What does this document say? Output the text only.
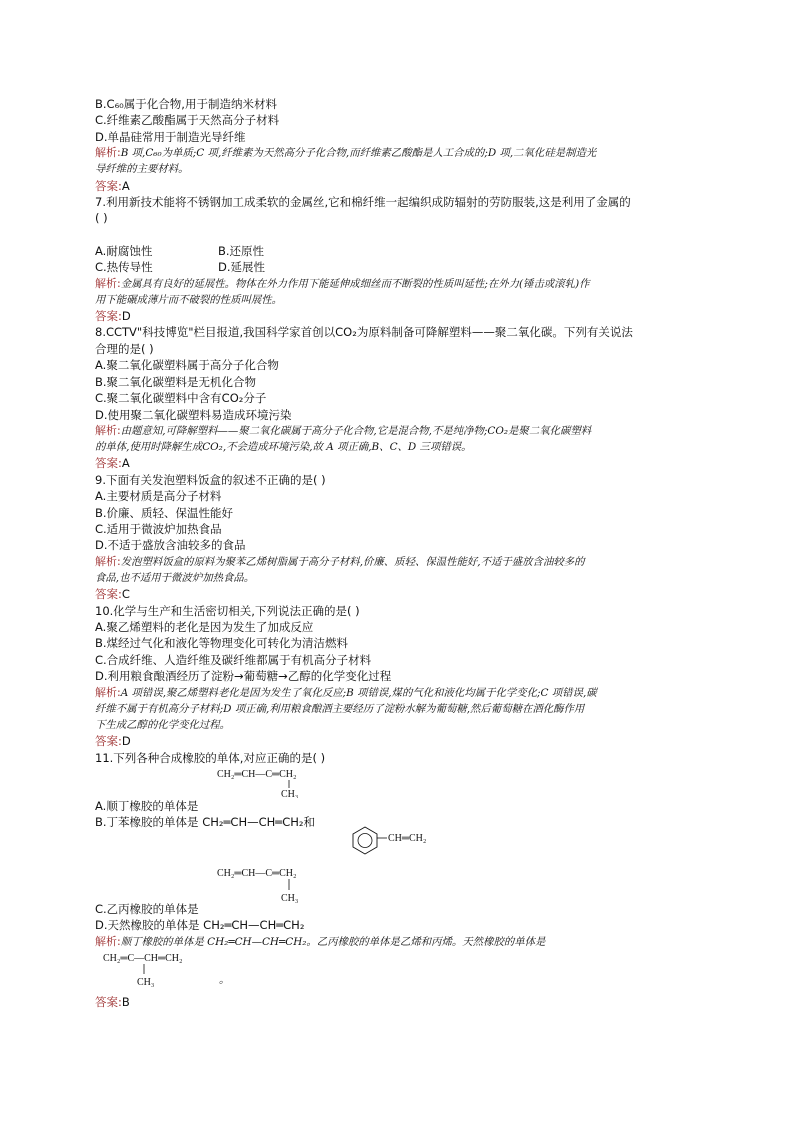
B.C₆₀属于化合物,用于制造纳米材料
C.纤维素乙酸酯属于天然高分子材料
D.单晶硅常用于制造光导纤维
解析:B 项,C₆₀为单质;C 项,纤维素为天然高分子化合物,而纤维素乙酸酯是人工合成的;D 项,二氧化硅是制造光
导纤维的主要材料。
答案:A
7.利用新技术能将不锈钢加工成柔软的金属丝,它和棉纤维一起编织成防辐射的劳防服装,这是利用了金属的
( )
A.耐腐蚀性	B.还原性
C.热传导性	D.延展性
解析:金属具有良好的延展性。物体在外力作用下能延伸成细丝而不断裂的性质叫延性;在外力(锤击或滚轧)作
用下能碾成薄片而不破裂的性质叫展性。
答案:D
8.CCTV"科技博览"栏目报道,我国科学家首创以CO₂为原料制备可降解塑料——聚二氧化碳。下列有关说法
合理的是( )
A.聚二氧化碳塑料属于高分子化合物
B.聚二氧化碳塑料是无机化合物
C.聚二氧化碳塑料中含有CO₂分子
D.使用聚二氧化碳塑料易造成环境污染
解析:由题意知,可降解塑料——聚二氧化碳属于高分子化合物,它是混合物,不是纯净物;CO₂是聚二氧化碳塑料
的单体,使用时降解生成CO₂,不会造成环境污染,故 A 项正确,B、C、D 三项错误。
答案:A
9.下面有关发泡塑料饭盒的叙述不正确的是( )
A.主要材质是高分子材料
B.价廉、质轻、保温性能好
C.适用于微波炉加热食品
D.不适于盛放含油较多的食品
解析:发泡塑料饭盒的原料为聚苯乙烯树脂属于高分子材料,价廉、质轻、保温性能好,不适于盛放含油较多的
食品,也不适用于微波炉加热食品。
答案:C
10.化学与生产和生活密切相关,下列说法正确的是( )
A.聚乙烯塑料的老化是因为发生了加成反应
B.煤经过气化和液化等物理变化可转化为清洁燃料
C.合成纤维、人造纤维及碳纤维都属于有机高分子材料
D.利用粮食酿酒经历了淀粉→葡萄糖→乙醇的化学变化过程
解析:A 项错误,聚乙烯塑料老化是因为发生了氧化反应;B 项错误,煤的气化和液化均属于化学变化;C 项错误,碳
纤维不属于有机高分子材料;D 项正确,利用粮食酿酒主要经历了淀粉水解为葡萄糖,然后葡萄糖在酒化酶作用
下生成乙醇的化学变化过程。
答案:D
11.下列各种合成橡胶的单体,对应正确的是( )
CH₂═CH—C═CH₂
CH₃
A.顺丁橡胶的单体是
B.丁苯橡胶的单体是 CH₂═CH—CH═CH₂和
CH═CH₂
CH₂═CH—C═CH₂
CH₃
C.乙丙橡胶的单体是
D.天然橡胶的单体是 CH₂═CH—CH═CH₂
解析:顺丁橡胶的单体是 CH₂═CH—CH═CH₂。乙丙橡胶的单体是乙烯和丙烯。天然橡胶的单体是
CH₂═C—CH═CH₂
CH₃	。
答案:B
